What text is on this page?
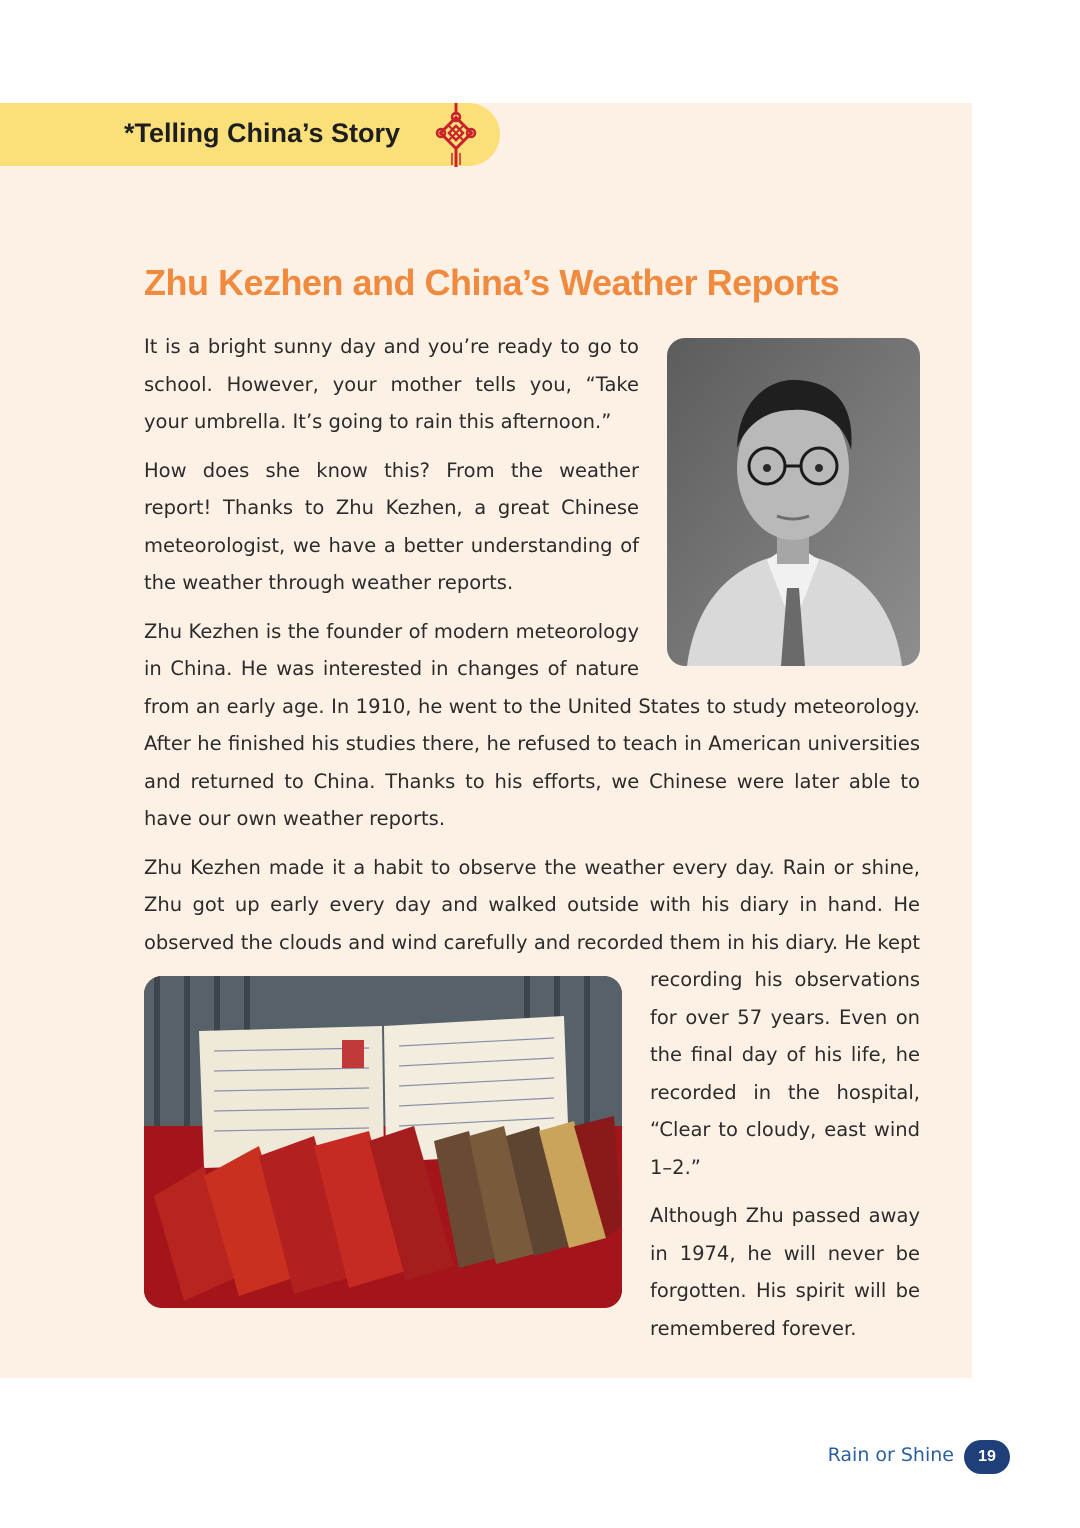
*Telling China’s Story
Zhu Kezhen and China’s Weather Reports

It is a bright sunny day and you’re ready to go to school. However, your mother tells you, “Take your umbrella. It’s going to rain this afternoon.”

How does she know this? From the weather report! Thanks to Zhu Kezhen, a great Chinese meteorologist, we have a better understanding of the weather through weather reports.

Zhu Kezhen is the founder of modern meteorology in China. He was interested in changes of nature from an early age. In 1910, he went to the United States to study meteorology. After he finished his studies there, he refused to teach in American universities and returned to China. Thanks to his efforts, we Chinese were later able to have our own weather reports.

Zhu Kezhen made it a habit to observe the weather every day. Rain or shine, Zhu got up early every day and walked outside with his diary in hand. He observed the clouds and wind carefully and recorded them in his diary. He kept recording his observations for over 57 years. Even on the final day of his life, he recorded in the hospital, “Clear to cloudy, east wind 1–2.”

Although Zhu passed away in 1974, he will never be forgotten. His spirit will be remembered forever.

Rain or Shine	19
